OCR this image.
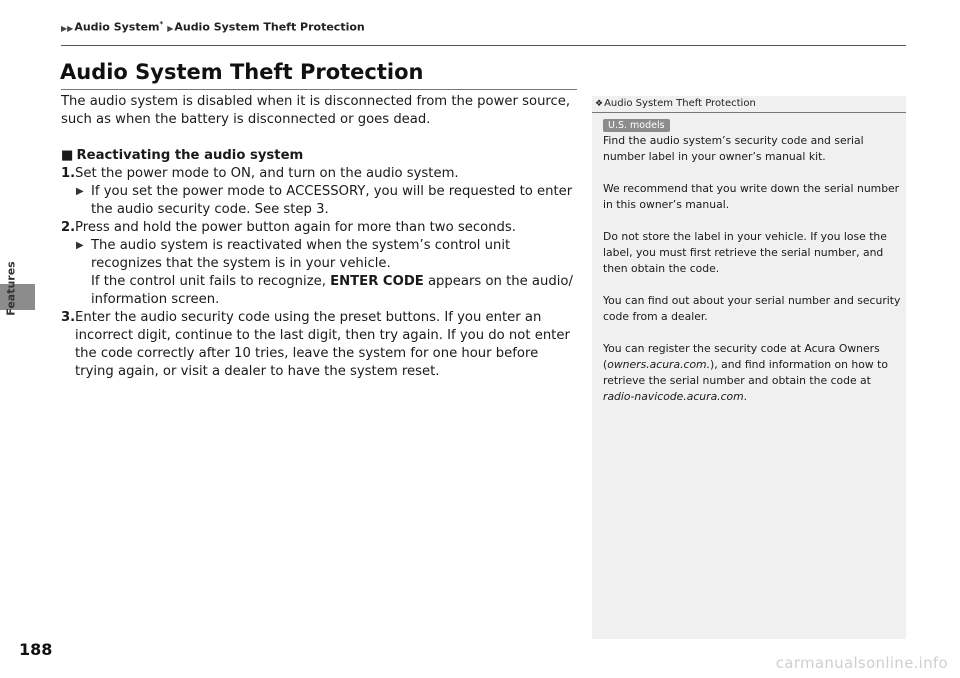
Features
▶▶Audio System* ▶Audio System Theft Protection
Audio System Theft Protection

The audio system is disabled when it is disconnected from the power source, such as when the battery is disconnected or goes dead.

■ Reactivating the audio system

1. Set the power mode to ON, and turn on the audio system.
▶ If you set the power mode to ACCESSORY, you will be requested to enter the audio security code. See step 3.
2. Press and hold the power button again for more than two seconds.
▶ The audio system is reactivated when the system’s control unit recognizes that the system is in your vehicle.
If the control unit fails to recognize, ENTER CODE appears on the audio/ information screen.
3. Enter the audio security code using the preset buttons. If you enter an incorrect digit, continue to the last digit, then try again. If you do not enter the code correctly after 10 tries, leave the system for one hour before trying again, or visit a dealer to have the system reset.
❖Audio System Theft Protection
U.S. models

Find the audio system’s security code and serial number label in your owner’s manual kit.

We recommend that you write down the serial number in this owner’s manual.

Do not store the label in your vehicle. If you lose the label, you must first retrieve the serial number, and then obtain the code.

You can find out about your serial number and security code from a dealer.

You can register the security code at Acura Owners (owners.acura.com.), and find information on how to retrieve the serial number and obtain the code at radio-navicode.acura.com.

188
carmanualsonline.info
